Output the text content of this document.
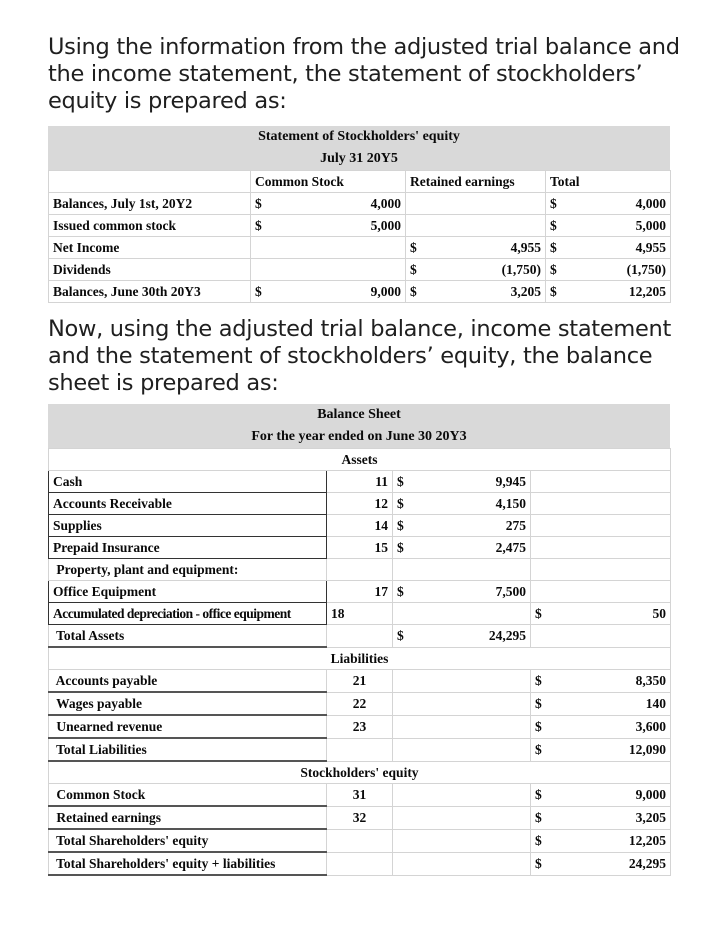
Using the information from the adjusted trial balance and the income statement, the statement of stockholders’ equity is prepared as:
Statement of Stockholders' equity
July 31 20Y5
	Common Stock	Retained earnings	Total
Balances, July 1st, 20Y2	$ 4,000		$ 4,000
Issued common stock	$ 5,000		$ 5,000
Net Income		$ 4,955	$ 4,955
Dividends		$ (1,750)	$ (1,750)
Balances, June 30th 20Y3	$ 9,000	$ 3,205	$ 12,205
Now, using the adjusted trial balance, income statement and the statement of stockholders’ equity, the balance sheet is prepared as:
Balance Sheet
For the year ended on June 30 20Y3
Assets			
Cash	11	$ 9,945	

Accounts Receivable	12	$ 4,150	

Supplies	14	$ 275	

Prepaid Insurance	15	$ 2,475	

Property, plant and equipment:		

Office Equipment	17	$ 7,500	

Accumulated depreciation - office equipment	18		$ 50
Total Assets		$ 24,295	

Liabilities			
Accounts payable	21		$ 8,350
Wages payable	22		$ 140
Unearned revenue	23		$ 3,600
Total Liabilities			$ 12,090
Stockholders' equity			
Common Stock	31		$ 9,000
Retained earnings	32		$ 3,205
Total Shareholders' equity			$ 12,205
Total Shareholders' equity + liabilities			$ 24,295
